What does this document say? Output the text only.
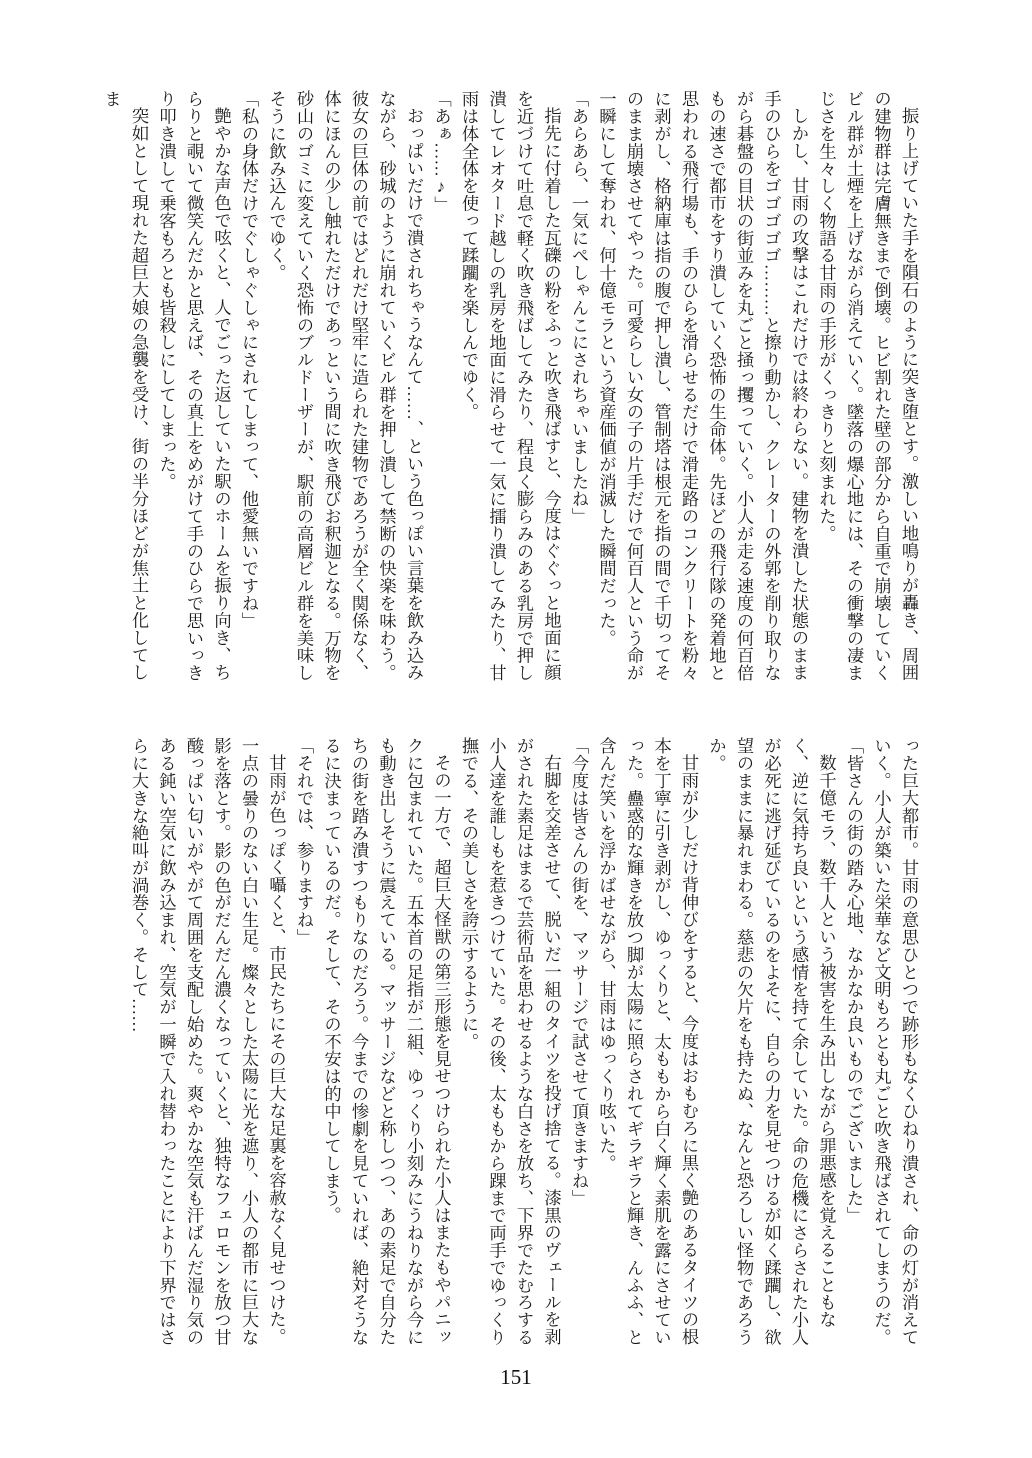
振り上げていた手を隕石のように突き堕とす。激しい地鳴りが轟き、周囲の建物群は完膚無きまで倒壊。ヒビ割れた壁の部分から自重で崩壊していくビル群が土煙を上げながら消えていく。墜落の爆心地には、その衝撃の凄まじさを生々しく物語る甘雨の手形がくっきりと刻まれた。

しかし、甘雨の攻撃はこれだけでは終わらない。建物を潰した状態のまま手のひらをゴゴゴゴゴ………と擦り動かし、クレーターの外郭を削り取りながら碁盤の目状の街並みを丸ごと掻っ攫っていく。小人が走る速度の何百倍もの速さで都市をすり潰していく恐怖の生命体。先ほどの飛行隊の発着地と思われる飛行場も、手のひらを滑らせるだけで滑走路のコンクリートを粉々に剥がし、格納庫は指の腹で押し潰し、管制塔は根元を指の間で千切ってそのまま崩壊させてやった。可愛らしい女の子の片手だけで何百人という命が一瞬にして奪われ、何十億モラという資産価値が消滅した瞬間だった。

「あらあら、一気にぺしゃんこにされちゃいましたね」

指先に付着した瓦礫の粉をふっと吹き飛ばすと、今度はぐぐっと地面に顔を近づけて吐息で軽く吹き飛ばしてみたり、程良く膨らみのある乳房で押し潰してレオタード越しの乳房を地面に滑らせて一気に擂り潰してみたり、甘雨は体全体を使って蹂躙を楽しんでゆく。

「あぁ……♪」

おっぱいだけで潰されちゃうなんて……、という色っぽい言葉を飲み込みながら、砂城のように崩れていくビル群を押し潰して禁断の快楽を味わう。彼女の巨体の前ではどれだけ堅牢に造られた建物であろうが全く関係なく、体にほんの少し触れただけであっという間に吹き飛びお釈迦となる。万物を砂山のゴミに変えていく恐怖のブルドーザーが、駅前の高層ビル群を美味しそうに飲み込んでゆく。

「私の身体だけでぐしゃぐしゃにされてしまって、他愛無いですね」

艶やかな声色で呟くと、人でごった返していた駅のホームを振り向き、ちらりと覗いて微笑んだかと思えば、その真上をめがけて手のひらで思いっきり叩き潰して乗客もろとも皆殺しにしてしまった。

突如として現れた超巨大娘の急襲を受け、街の半分ほどが焦土と化してしま

った巨大都市。甘雨の意思ひとつで跡形もなくひねり潰され、命の灯が消えていく。小人が築いた栄華など文明もろとも丸ごと吹き飛ばされてしまうのだ。

「皆さんの街の踏み心地、なかなか良いものでございました」

数千億モラ、数千人という被害を生み出しながら罪悪感を覚えることもなく、逆に気持ち良いという感情を持て余していた。命の危機にさらされた小人が必死に逃げ延びているのをよそに、自らの力を見せつけるが如く蹂躙し、欲望のままに暴れまわる。慈悲の欠片をも持たぬ、なんと恐ろしい怪物であろうか。

甘雨が少しだけ背伸びをすると、今度はおもむろに黒く艶のあるタイツの根本を丁寧に引き剥がし、ゆっくりと、太ももから白く輝く素肌を露にさせていった。蠱惑的な輝きを放つ脚が太陽に照らされてギラギラと輝き、んふふ、と含んだ笑いを浮かばせながら、甘雨はゆっくり呟いた。

「今度は皆さんの街を、マッサージで試させて頂きますね」

右脚を交差させて、脱いだ一組のタイツを投げ捨てる。漆黒のヴェールを剥がされた素足はまるで芸術品を思わせるような白さを放ち、下界でたむろする小人達を誰しもを惹きつけていた。その後、太ももから踝まで両手でゆっくり撫でる、その美しさを誇示するように。

その一方で、超巨大怪獣の第三形態を見せつけられた小人はまたもやパニックに包まれていた。五本首の足指が二組、ゆっくり小刻みにうねりながら今にも動き出しそうに震えている。マッサージなどと称しつつ、あの素足で自分たちの街を踏み潰すつもりなのだろう。今までの惨劇を見ていれば、絶対そうなるに決まっているのだ。そして、その不安は的中してしまう。

「それでは、参りますね」

甘雨が色っぽく囁くと、市民たちにその巨大な足裏を容赦なく見せつけた。一点の曇りのない白い生足。燦々とした太陽に光を遮り、小人の都市に巨大な影を落とす。影の色がだんだん濃くなっていくと、独特なフェロモンを放つ甘酸っぱい匂いがやがて周囲を支配し始めた。爽やかな空気も汗ばんだ湿り気のある鈍い空気に飲み込まれ、空気が一瞬で入れ替わったことにより下界ではさらに大きな絶叫が渦巻く。そして……

151
